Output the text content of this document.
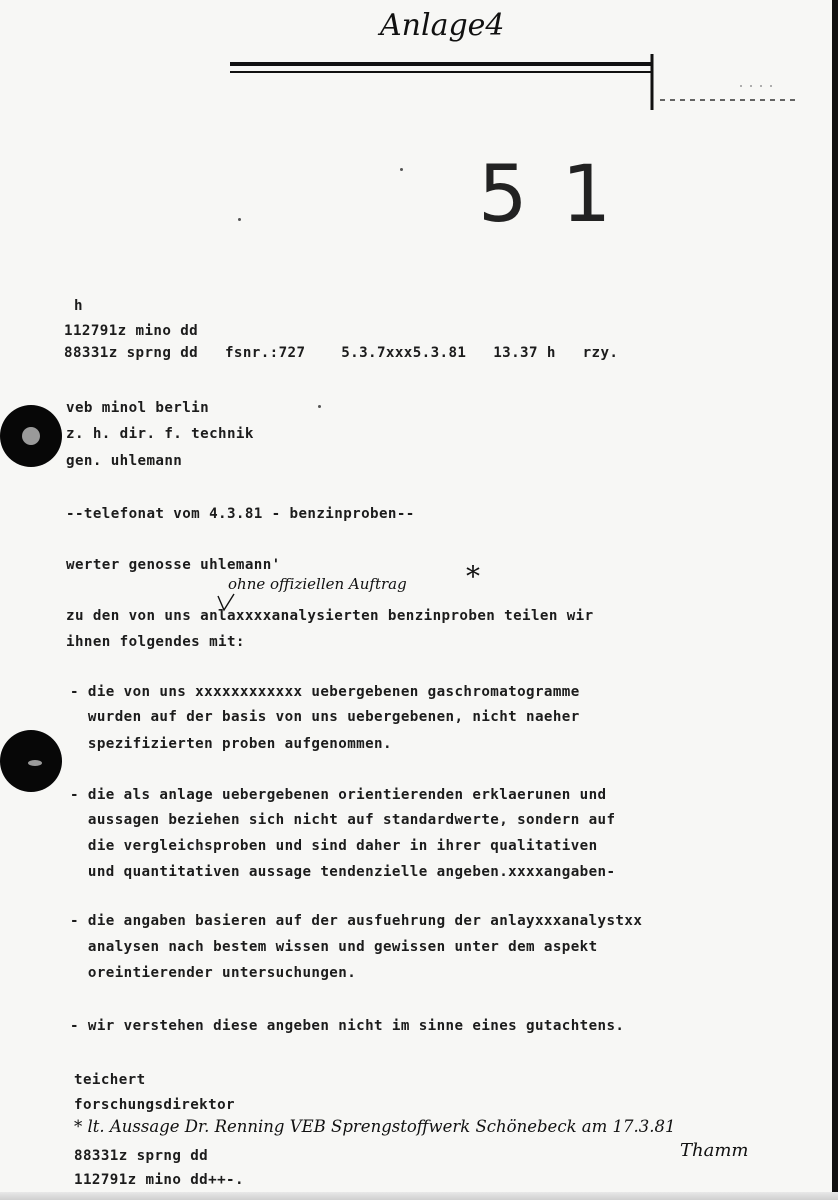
Anlage4
51
h
112791z mino dd
88331z sprng dd   fsnr.:727    5.3.7xxx5.3.81   13.37 h   rzy.
veb minol berlin
z. h. dir. f. technik
gen. uhlemann
--telefonat vom 4.3.81 - benzinproben--
werter genosse uhlemann'
ohne offiziellen Auftrag *
zu den von uns anlaxxxxanalysierten benzinproben teilen wir
ihnen folgendes mit:
- die von uns xxxxxxxxxxxx uebergebenen gaschromatogramme
wurden auf der basis von uns uebergebenen, nicht naeher
spezifizierten proben aufgenommen.
- die als anlage uebergebenen orientierenden erklaerunen und
aussagen beziehen sich nicht auf standardwerte, sondern auf
die vergleichsproben und sind daher in ihrer qualitativen
und quantitativen aussage tendenzielle angeben.xxxxangaben-
- die angaben basieren auf der ausfuehrung der anlayxxxanalystxx
analysen nach bestem wissen und gewissen unter dem aspekt
oreintierender untersuchungen.
- wir verstehen diese angeben nicht im sinne eines gutachtens.
teichert
forschungsdirektor
* lt. Aussage Dr. Renning VEB Sprengstoffwerk Schönebeck am 17.3.81
88331z sprng dd
112791z mino dd++-.
Thamm
